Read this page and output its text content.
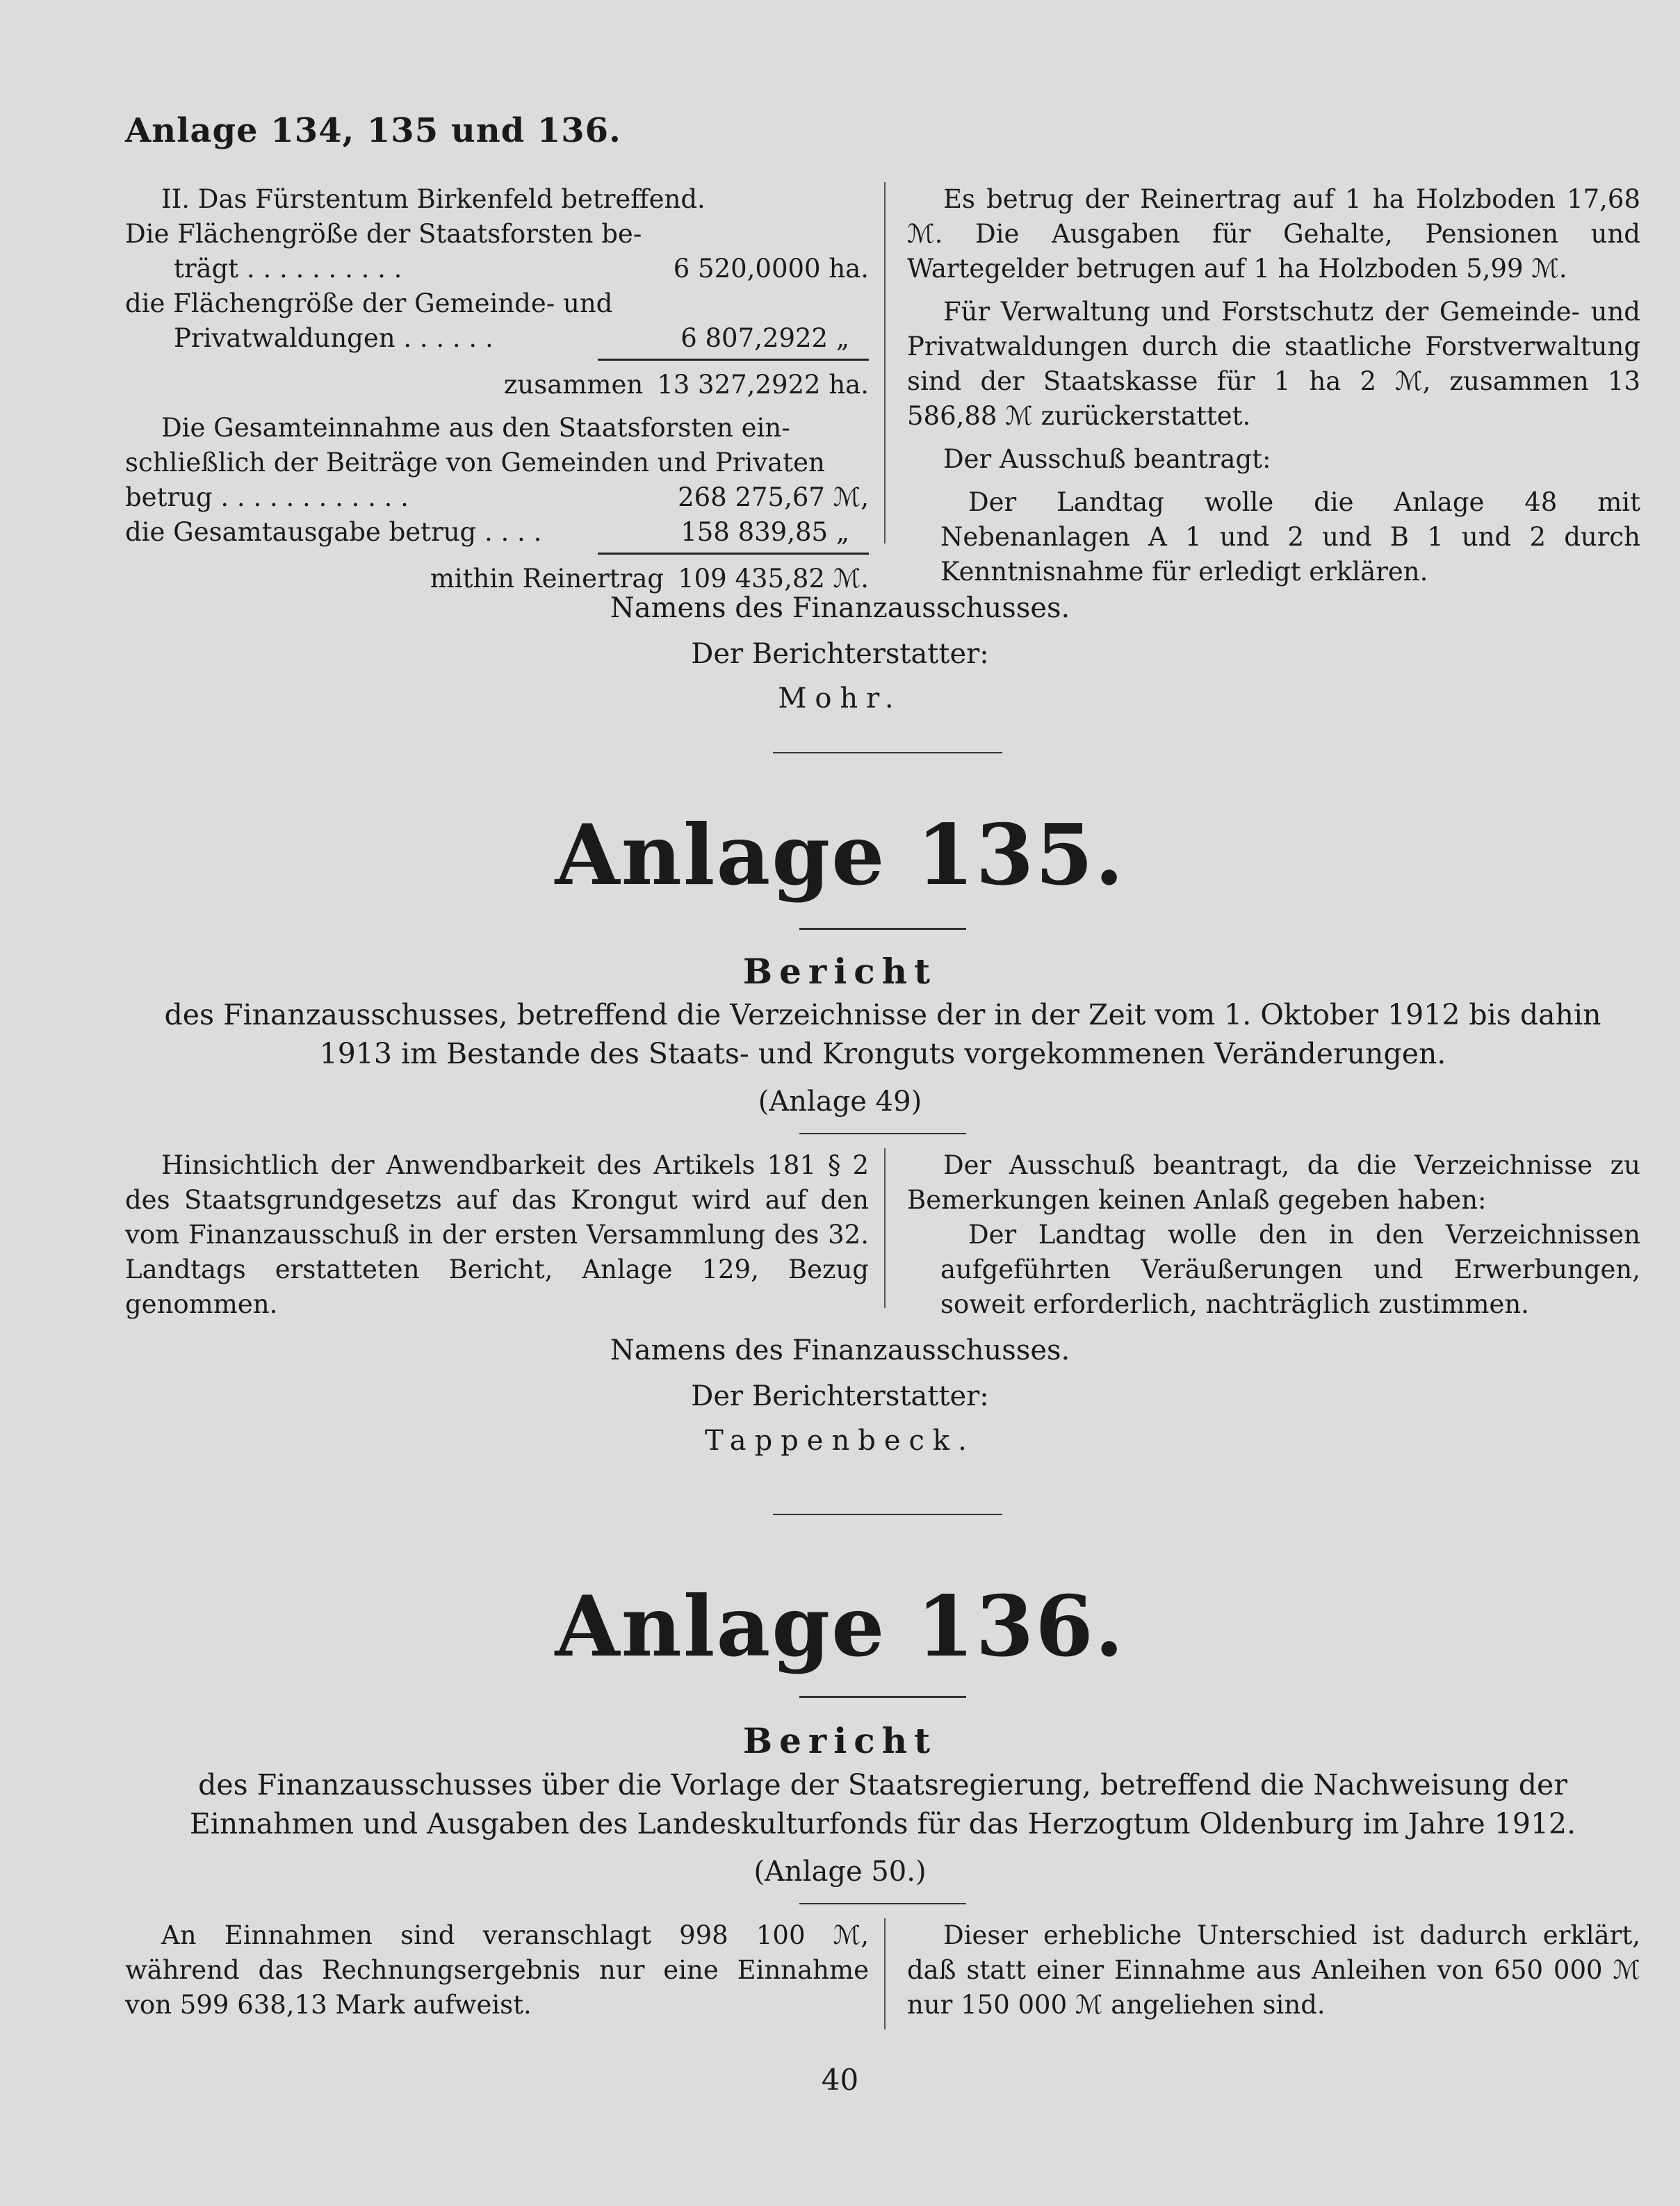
Anlage 134, 135 und 136.

II. Das Fürstentum Birkenfeld betreffend.

Die Flächengröße der Staatsforsten be-

trägt . . . . . . . . . .	6 520,0000 ha.

die Flächengröße der Gemeinde- und

Privatwaldungen . . . . . .	6 807,2922 „
zusammen 13 327,2922 ha.

Die Gesamteinnahme aus den Staatsforsten ein-

schließlich der Beiträge von Gemeinden und Privaten

betrug . . . . . . . . . . . .	268 275,67 ℳ,
die Gesamtausgabe betrug . . . .	158 839,85 „
mithin Reinertrag 109 435,82 ℳ.

Es betrug der Reinertrag auf 1 ha Holzboden 17,68 ℳ. Die Ausgaben für Gehalte, Pensionen und Wartegelder betrugen auf 1 ha Holzboden 5,99 ℳ.

Für Verwaltung und Forstschutz der Gemeinde- und Privatwaldungen durch die staatliche Forstverwaltung sind der Staatskasse für 1 ha 2 ℳ, zusammen 13 586,88 ℳ zurückerstattet.

Der Ausschuß beantragt:

Der Landtag wolle die Anlage 48 mit Nebenanlagen A 1 und 2 und B 1 und 2 durch Kenntnisnahme für erledigt erklären.

Namens des Finanzausschusses.
Der Berichterstatter:
Mohr.
Anlage 135.
Bericht
des Finanzausschusses, betreffend die Verzeichnisse der in der Zeit vom 1. Oktober 1912 bis dahin 1913 im Bestande des Staats- und Kronguts vorgekommenen Veränderungen.
(Anlage 49)

Hinsichtlich der Anwendbarkeit des Artikels 181 § 2 des Staatsgrundgesetzs auf das Krongut wird auf den vom Finanzausschuß in der ersten Versammlung des 32. Landtags erstatteten Bericht, Anlage 129, Bezug genommen.

Der Ausschuß beantragt, da die Verzeichnisse zu Bemerkungen keinen Anlaß gegeben haben:

Der Landtag wolle den in den Verzeichnissen aufgeführten Veräußerungen und Erwerbungen, soweit erforderlich, nachträglich zustimmen.

Namens des Finanzausschusses.
Der Berichterstatter:
Tappenbeck.
Anlage 136.
Bericht
des Finanzausschusses über die Vorlage der Staatsregierung, betreffend die Nachweisung der Einnahmen und Ausgaben des Landeskulturfonds für das Herzogtum Oldenburg im Jahre 1912.
(Anlage 50.)

An Einnahmen sind veranschlagt 998 100 ℳ, während das Rechnungsergebnis nur eine Einnahme von 599 638,13 Mark aufweist.

Dieser erhebliche Unterschied ist dadurch erklärt, daß statt einer Einnahme aus Anleihen von 650 000 ℳ nur 150 000 ℳ angeliehen sind.

40
